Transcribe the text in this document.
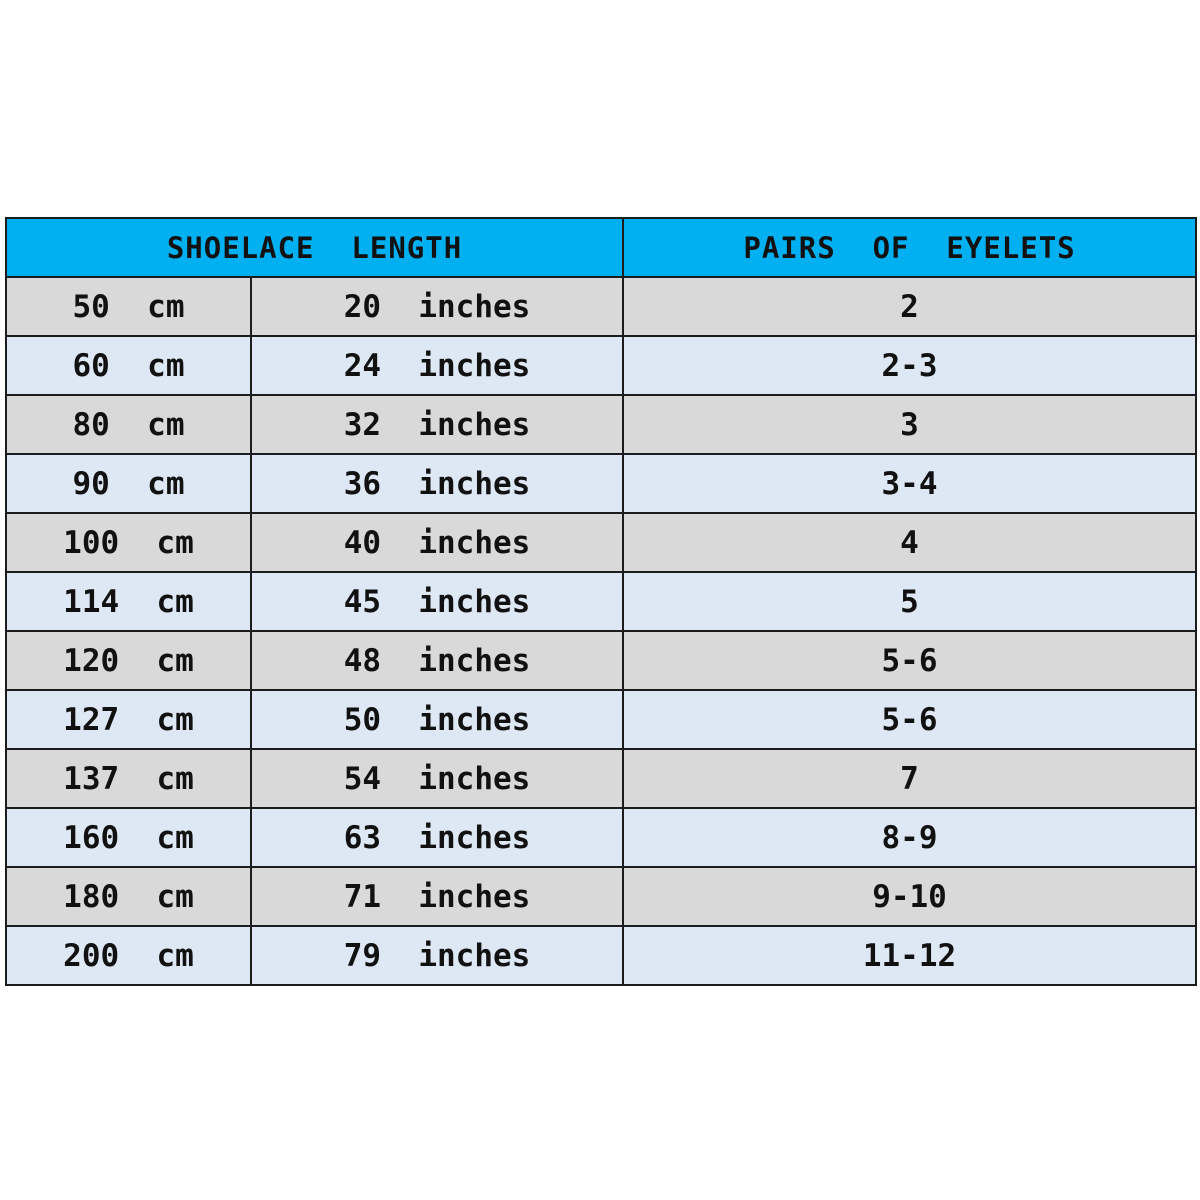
SHOELACE  LENGTH		PAIRS  OF  EYELETS
50  cm	20  inches	2
60  cm	24  inches	2-3
80  cm	32  inches	3
90  cm	36  inches	3-4
100  cm	40  inches	4
114  cm	45  inches	5
120  cm	48  inches	5-6
127  cm	50  inches	5-6
137  cm	54  inches	7
160  cm	63  inches	8-9
180  cm	71  inches	9-10
200  cm	79  inches	11-12
